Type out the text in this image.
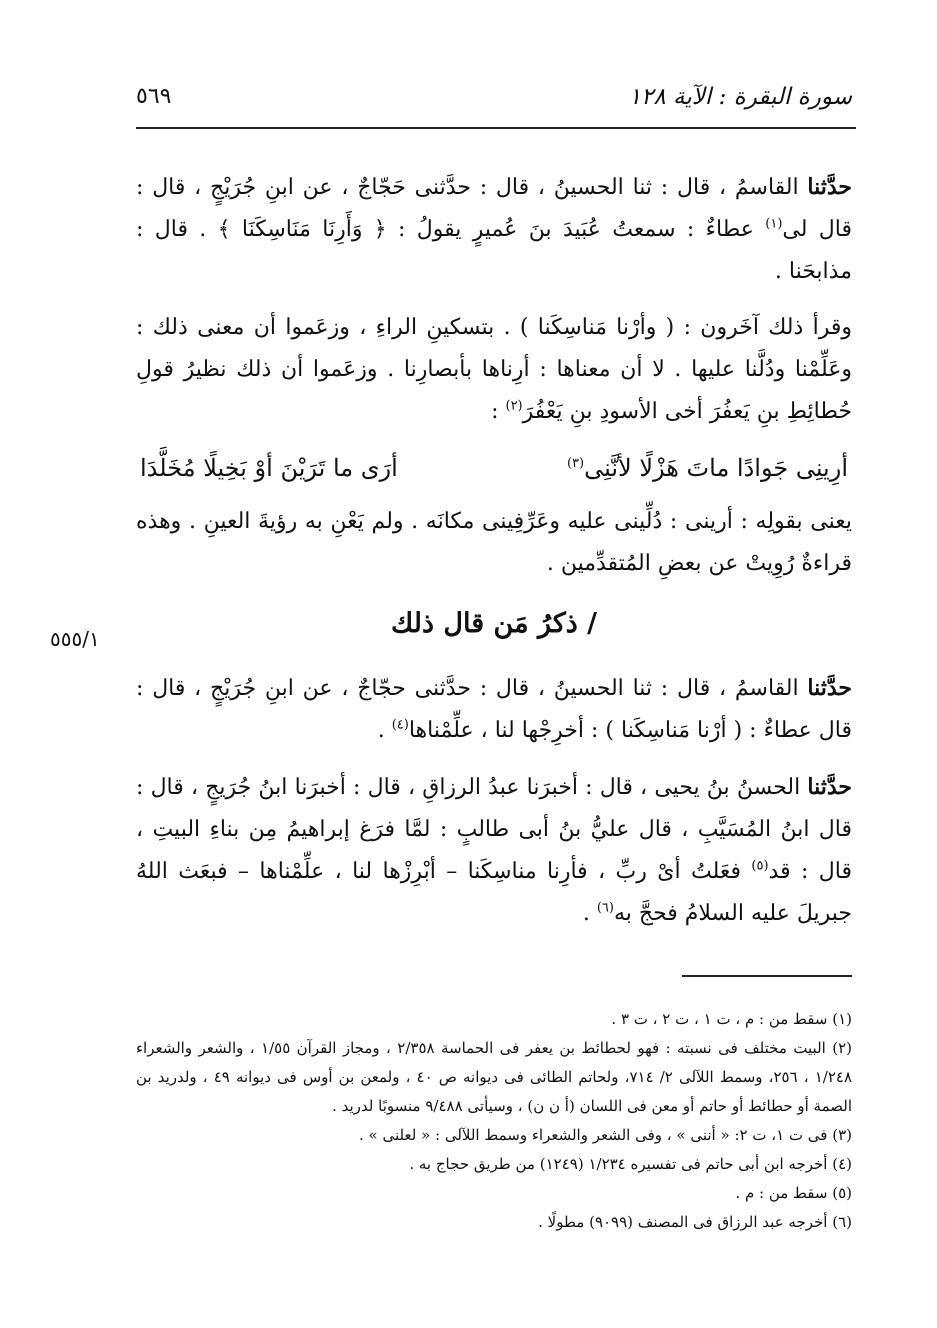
سورة البقرة : الآية ١٢٨
٥٦٩
٥٥٥/١

حدَّثنا القاسمُ ، قال : ثنا الحسينُ ، قال : حدَّثنى حَجّاجٌ ، عن ابنِ جُرَيْجٍ ، قال : قال لى$^{(١)}$ عطاءٌ : سمعتُ عُبَيدَ بنَ عُميرٍ يقولُ : ﴿ وَأَرِنَا مَنَاسِكَنَا ﴾ . قال : مذابحَنا .

وقرأ ذلك آخَرون : ( وأرْنا مَناسِكَنا ) . بتسكينِ الراءِ ، وزعَموا أن معنى ذلك : وعَلِّمْنا ودُلَّنا عليها . لا أن معناها : أرِناها بأبصارِنا . وزعَموا أن ذلك نظيرُ قولِ حُطائِطِ بنِ يَعفُرَ أخى الأسودِ بنِ يَعْفُرَ$^{(٢)}$ :

أرِينِى جَوادًا ماتَ هَزْلًا لأنَّنِى$^{(٣)}$
أرَى ما تَرَيْنَ أوْ بَخِيلًا مُخَلَّدَا

يعنى بقولِه : أرينى : دُلِّينى عليه وعَرِّفِينى مكانَه . ولم يَعْنِ به رؤيةَ العينِ . وهذه قراءةٌ رُوِيتْ عن بعضِ المُتقدِّمين .

/ ذكرُ مَن قال ذلك

حدَّثنا القاسمُ ، قال : ثنا الحسينُ ، قال : حدَّثنى حجّاجٌ ، عن ابنِ جُرَيْجٍ ، قال : قال عطاءٌ : ( أرْنا مَناسِكَنا ) : أخرِجْها لنا ، علِّمْناها$^{(٤)}$ .

حدَّثنا الحسنُ بنُ يحيى ، قال : أخبرَنا عبدُ الرزاقِ ، قال : أخبرَنا ابنُ جُرَيجٍ ، قال : قال ابنُ المُسَيَّبِ ، قال عليُّ بنُ أبى طالبٍ : لمَّا فرَغ إبراهيمُ مِن بناءِ البيتِ ، قال : قد$^{(٥)}$ فعَلتُ أىْ ربِّ ، فأرِنا مناسِكَنا – أبْرِزْها لنا ، علِّمْناها – فبعَث اللهُ جبريلَ عليه السلامُ فحجَّ به$^{(٦)}$ .

(١) سقط من : م ، ت ١ ، ت ٢ ، ت ٣ .

(٢) البيت مختلف فى نسبته : فهو لحطائط بن يعفر فى الحماسة ٢/٣٥٨ ، ومجاز القرآن ١/٥٥ ، والشعر والشعراء ١/٢٤٨ ، ٢٥٦، وسمط اللآلى ٢/ ٧١٤، ولحاتم الطائى فى ديوانه ص ٤٠ ، ولمعن بن أوس فى ديوانه ٤٩ ، ولدريد بن الصمة أو حطائط أو حاتم أو معن فى اللسان (أ ن ن) ، وسيأتى ٩/٤٨٨ منسوبًا لدريد .

(٣) فى ت ١، ت ٢: « أننى » ، وفى الشعر والشعراء وسمط اللآلى : « لعلنى » .

(٤) أخرجه ابن أبى حاتم فى تفسيره ١/٢٣٤ (١٢٤٩) من طريق حجاج به .

(٥) سقط من : م .

(٦) أخرجه عبد الرزاق فى المصنف (٩٠٩٩) مطولًا .
